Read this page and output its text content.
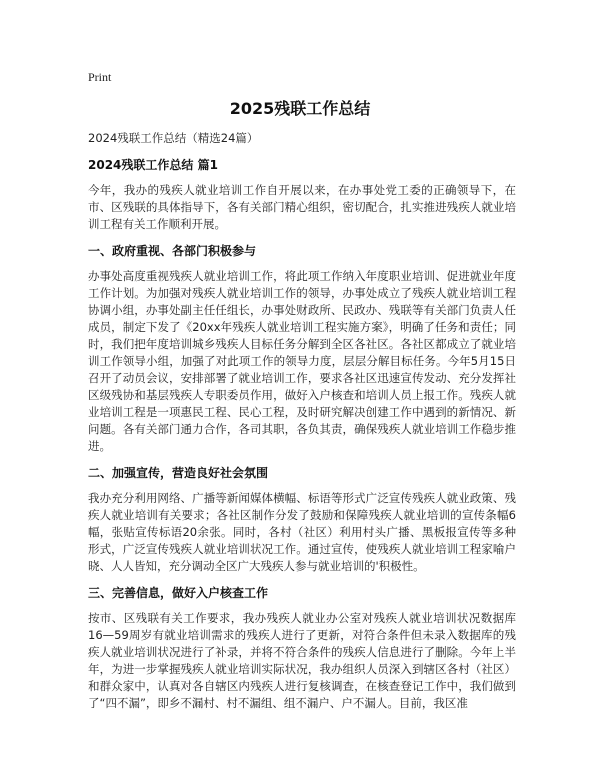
Print
2025残联工作总结

2024残联工作总结（精选24篇）

2024残联工作总结 篇1

今年，我办的残疾人就业培训工作自开展以来，在办事处党工委的正确领导下，在市、区残联的具体指导下，各有关部门精心组织，密切配合，扎实推进残疾人就业培训工程有关工作顺利开展。

一、政府重视、各部门积极参与

办事处高度重视残疾人就业培训工作，将此项工作纳入年度职业培训、促进就业年度工作计划。为加强对残疾人就业培训工作的领导，办事处成立了残疾人就业培训工程协调小组，办事处副主任任组长，办事处财政所、民政办、残联等有关部门负责人任成员，制定下发了《20xx年残疾人就业培训工程实施方案》，明确了任务和责任；同时，我们把年度培训城乡残疾人目标任务分解到全区各社区。各社区都成立了就业培训工作领导小组，加强了对此项工作的领导力度，层层分解目标任务。今年5月15日召开了动员会议，安排部署了就业培训工作，要求各社区迅速宣传发动、充分发挥社区级残协和基层残疾人专职委员作用，做好入户核查和培训人员上报工作。残疾人就业培训工程是一项惠民工程、民心工程，及时研究解决创建工作中遇到的新情况、新问题。各有关部门通力合作，各司其职，各负其责，确保残疾人就业培训工作稳步推进。

二、加强宣传，营造良好社会氛围

我办充分利用网络、广播等新闻媒体横幅、标语等形式广泛宣传残疾人就业政策、残疾人就业培训有关要求；各社区制作分发了鼓励和保障残疾人就业培训的宣传条幅6幅，张贴宣传标语20余张。同时，各村（社区）利用村头广播、黑板报宣传等多种形式，广泛宣传残疾人就业培训状况工作。通过宣传，使残疾人就业培训工程家喻户晓、人人皆知，充分调动全区广大残疾人参与就业培训的'积极性。

三、完善信息，做好入户核查工作

按市、区残联有关工作要求，我办残疾人就业办公室对残疾人就业培训状况数据库16—59周岁有就业培训需求的残疾人进行了更新，对符合条件但未录入数据库的残疾人就业培训状况进行了补录，并将不符合条件的残疾人信息进行了删除。今年上半年，为进一步掌握残疾人就业培训实际状况，我办组织人员深入到辖区各村（社区）和群众家中，认真对各自辖区内残疾人进行复核调查，在核查登记工作中，我们做到了“四不漏”，即乡不漏村、村不漏组、组不漏户、户不漏人。目前，我区准
